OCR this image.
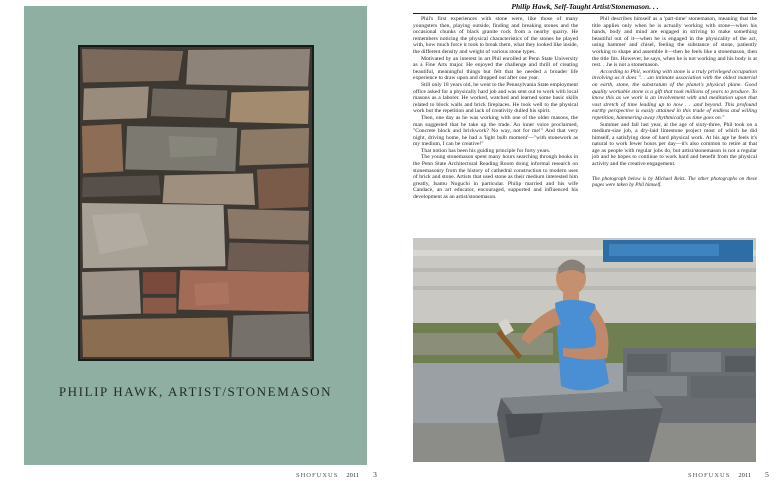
PHILIP HAWK, ARTIST/STONEMASON
SHOFUXUS 2011 3
Philip Hawk, Self-Taught Artist/Stonemason. . .

Phil's first experiences with stone were, like those of many youngsters then, playing outside, finding and breaking stones and the occasional chunks of black granite rock from a nearby quarry. He remembers noticing the physical characteristics of the stones he played with, how much force it took to break them, what they looked like inside, the different density and weight of various stone types.

Motivated by an interest in art Phil enrolled at Penn State University as a Fine Arts major. He enjoyed the challenge and thrill of creating beautiful, meaningful things but felt that he needed a broader life experience to draw upon and dropped out after one year.

Still only 18 years old, he went to the Pennsylvania State employment office asked for a physically hard job and was sent out to work with local masons as a laborer. He worked, watched and learned some basic skills related to block walls and brick fireplaces. He took well to the physical work but the repetition and lack of creativity dulled his spirit.

Then, one day as he was working with one of the older masons, the man suggested that he take up the trade. An inner voice proclaimed, "Concrete block and brickwork? No way, not for me!" And that very night, driving home, he had a 'light bulb moment'—"with stonework as my medium, I can be creative!"

That notion has been his guiding principle for forty years.

The young stonemason spent many hours searching through books in the Penn State Architectural Reading Room doing informal research on stonemasonry from the history of cathedral construction to modern uses of brick and stone. Artists that used stone as their medium interested him greatly, Isamu Noguchi in particular. Philip married and his wife Candace, an art educator, encouraged, supported and influenced his development as an artist/stonemason.

Phil describes himself as a 'part-time' stonemason, meaning that the title applies only when he is actually working with stone—when his hands, body and mind are engaged in striving to make something beautiful out of it—when he is engaged in the physicality of the act, using hammer and chisel, feeling the substance of stone, patiently working to shape and assemble it—then he feels like a stonemason, then the title fits. However, he says, when he is not working and his body is at rest. . .he is not a stonemason.

According to Phil, working with stone is a truly privileged occupation involving as it does ". . .an intimate association with the oldest material on earth, stone, the substratum of the planet's physical plane. Good quality workable stone is a gift that took millions of years to produce. To know this as we work is an involvement with and meditation upon that vast stretch of time leading up to now . . .and beyond. This profound earthy perspective is easily attained in this trade of endless and willing repetition, hammering away rhythmically as time goes on."

Summer and fall last year, at the age of sixty-three, Phil took on a medium-size job, a dry-laid limestone project most of which he did himself, a satisfying dose of hard physical work. At his age he feels it's natural to work fewer hours per day—it's also common to retire at that age as people with regular jobs do, but artist/stonemason is not a regular job and he hopes to continue to work hard and benefit from the physical activity and the creative engagement.

The photograph below is by Michael Reitz. The other photographs on these pages were taken by Phil himself.

SHOFUXUS 2011 5
